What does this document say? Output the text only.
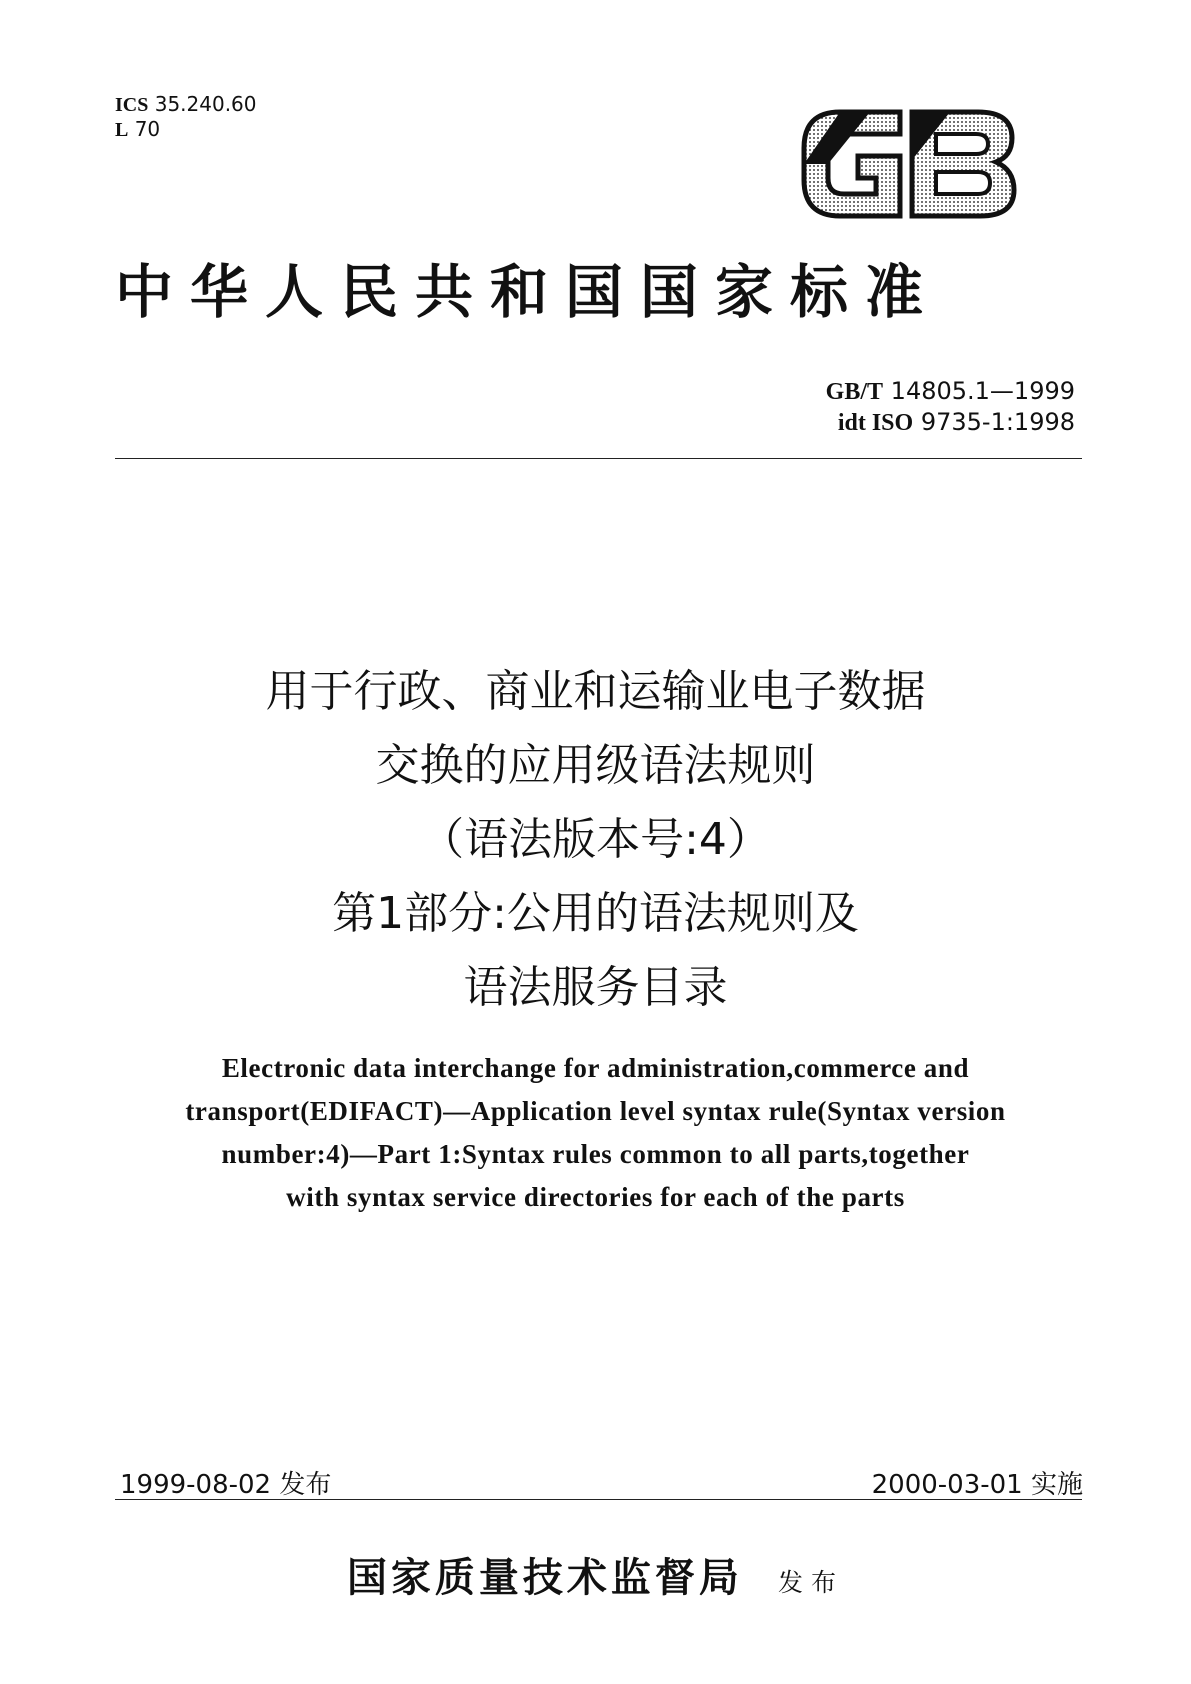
ICS 35.240.60
L 70
中华人民共和国国家标准
GB/T 14805.1—1999
idt ISO 9735-1:1998
用于行政、商业和运输业电子数据
交换的应用级语法规则
（语法版本号:4）
第1部分:公用的语法规则及
语法服务目录
Electronic data interchange for administration,commerce and
transport(EDIFACT)—Application level syntax rule(Syntax version
number:4)—Part 1:Syntax rules common to all parts,together
with syntax service directories for each of the parts
1999-08-02 发布	2000-03-01 实施
国家质量技术监督局 发布
